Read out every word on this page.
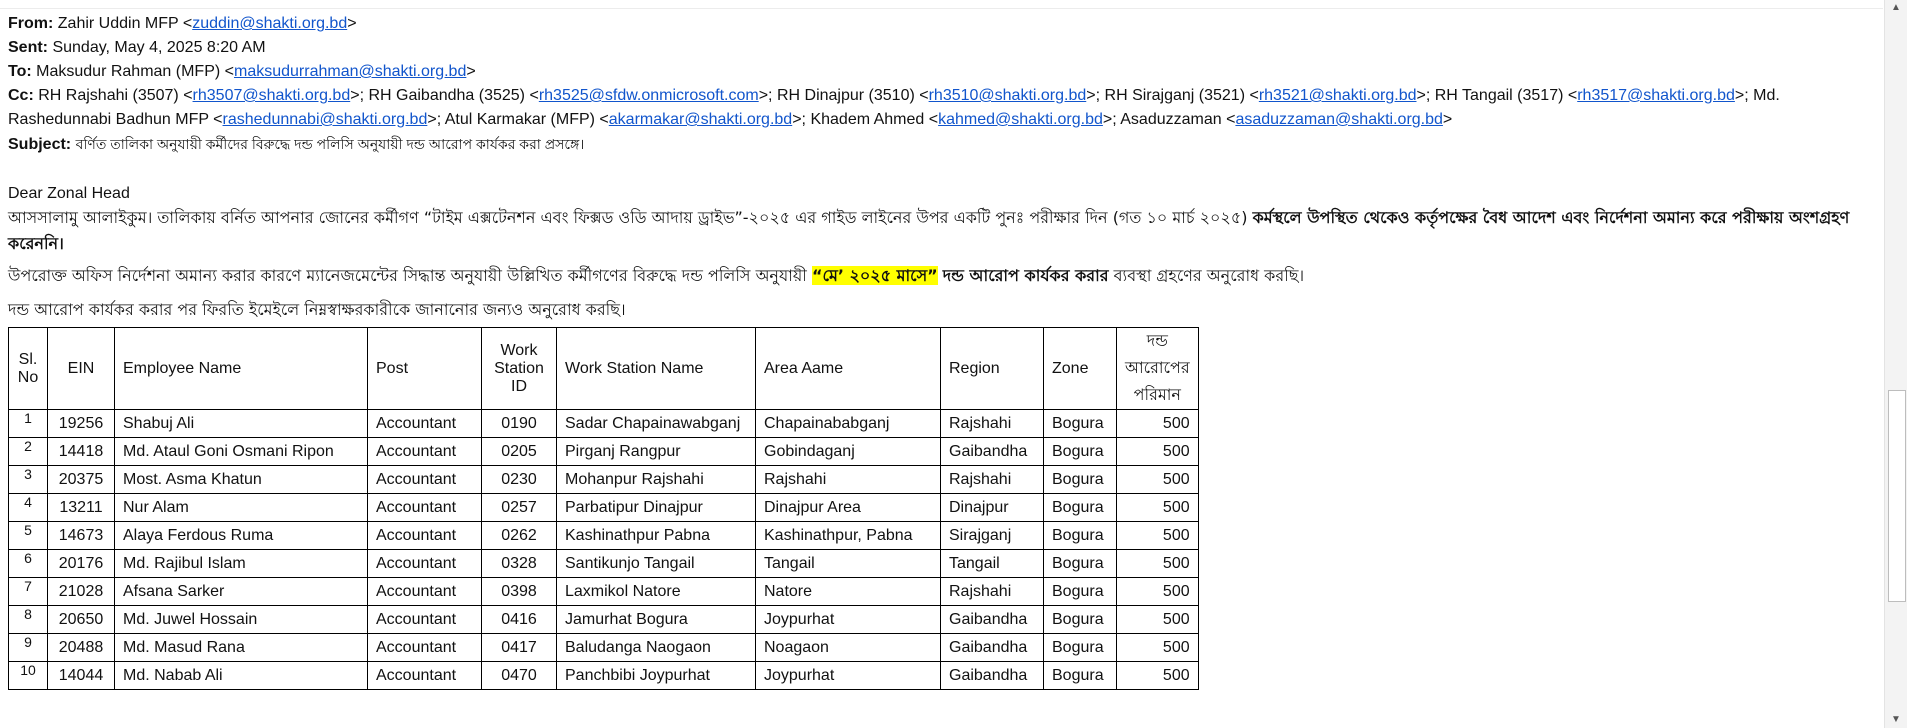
From: Zahir Uddin MFP <zuddin@shakti.org.bd>
Sent: Sunday, May 4, 2025 8:20 AM
To: Maksudur Rahman (MFP) <maksudurrahman@shakti.org.bd>
Cc: RH Rajshahi (3507) <rh3507@shakti.org.bd>; RH Gaibandha (3525) <rh3525@sfdw.onmicrosoft.com>; RH Dinajpur (3510) <rh3510@shakti.org.bd>; RH Sirajganj (3521) <rh3521@shakti.org.bd>; RH Tangail (3517) <rh3517@shakti.org.bd>; Md. Rashedunnabi Badhun MFP <rashedunnabi@shakti.org.bd>; Atul Karmakar (MFP) <akarmakar@shakti.org.bd>; Khadem Ahmed <kahmed@shakti.org.bd>; Asaduzzaman <asaduzzaman@shakti.org.bd>
Subject: বর্ণিত তালিকা অনুযায়ী কর্মীদের বিরুদ্ধে দন্ড পলিসি অনুযায়ী দন্ড আরোপ কার্যকর করা প্রসঙ্গে।
Dear Zonal Head
আসসালামু আলাইকুম। তালিকায় বর্নিত আপনার জোনের কর্মীগণ “টাইম এক্সটেনশন এবং ফিক্সড ওডি আদায় ড্রাইভ”-২০২৫ এর গাইড লাইনের উপর একটি পুনঃ পরীক্ষার দিন (গত ১০ মার্চ ২০২৫) কর্মস্থলে উপস্থিত থেকেও কর্তৃপক্ষের বৈধ আদেশ এবং নির্দেশনা অমান্য করে পরীক্ষায় অংশগ্রহণ করেননি।
উপরোক্ত অফিস নির্দেশনা অমান্য করার কারণে ম্যানেজমেন্টের সিদ্ধান্ত অনুযায়ী উল্লিখিত কর্মীগণের বিরুদ্ধে দন্ড পলিসি অনুযায়ী “মে’ ২০২৫ মাসে” দন্ড আরোপ কার্যকর করার ব্যবস্থা গ্রহণের অনুরোধ করছি।
দন্ড আরোপ কার্যকর করার পর ফিরতি ইমেইলে নিম্নস্বাক্ষরকারীকে জানানোর জন্যও অনুরোধ করছি।
Sl. No	EIN	Employee Name	Post	Work Station ID	Work Station Name	Area Aame	Region	Zone	দন্ড আরোপের পরিমান
1	19256	Shabuj Ali	Accountant	0190	Sadar Chapainawabganj	Chapainababganj	Rajshahi	Bogura	500
2	14418	Md. Ataul Goni Osmani Ripon	Accountant	0205	Pirganj Rangpur	Gobindaganj	Gaibandha	Bogura	500
3	20375	Most. Asma Khatun	Accountant	0230	Mohanpur Rajshahi	Rajshahi	Rajshahi	Bogura	500
4	13211	Nur Alam	Accountant	0257	Parbatipur Dinajpur	Dinajpur Area	Dinajpur	Bogura	500
5	14673	Alaya Ferdous Ruma	Accountant	0262	Kashinathpur Pabna	Kashinathpur, Pabna	Sirajganj	Bogura	500
6	20176	Md. Rajibul Islam	Accountant	0328	Santikunjo Tangail	Tangail	Tangail	Bogura	500
7	21028	Afsana Sarker	Accountant	0398	Laxmikol Natore	Natore	Rajshahi	Bogura	500
8	20650	Md. Juwel Hossain	Accountant	0416	Jamurhat Bogura	Joypurhat	Gaibandha	Bogura	500
9	20488	Md. Masud Rana	Accountant	0417	Baludanga Naogaon	Noagaon	Gaibandha	Bogura	500
10	14044	Md. Nabab Ali	Accountant	0470	Panchbibi Joypurhat	Joypurhat	Gaibandha	Bogura	500
▲
▼
